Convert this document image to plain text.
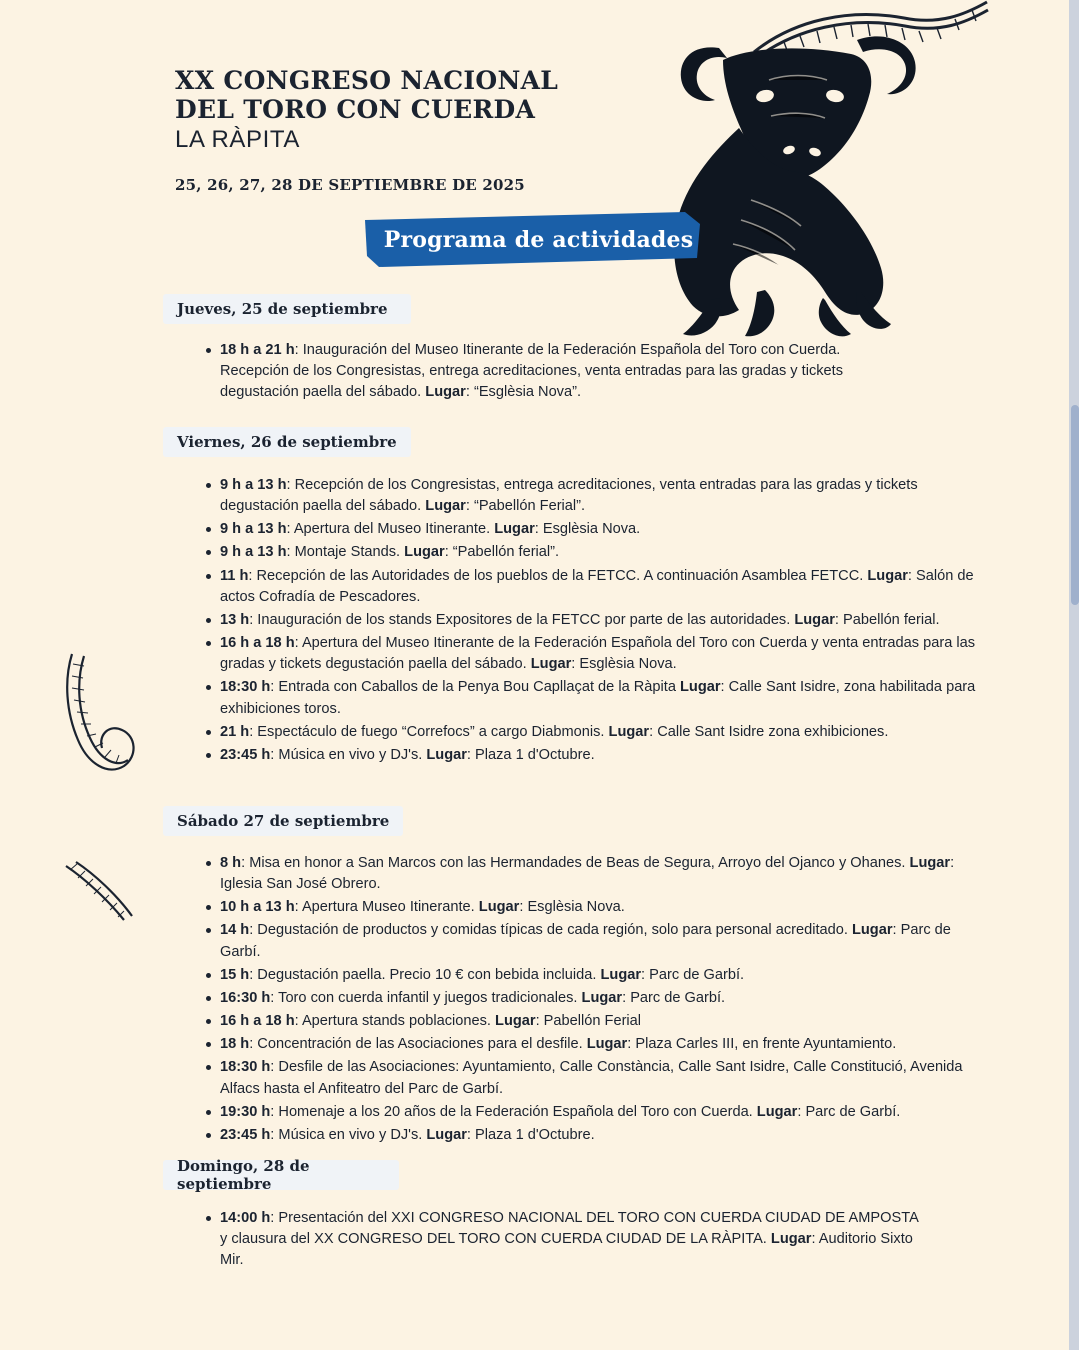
XX CONGRESO NACIONAL
DEL TORO CON CUERDA
LA RÀPITA
25, 26, 27, 28 DE SEPTIEMBRE DE 2025
Programa de actividades
Jueves, 25 de septiembre
18 h a 21 h: Inauguración del Museo Itinerante de la Federación Española del Toro con Cuerda. Recepción de los Congresistas, entrega acreditaciones, venta entradas para las gradas y tickets degustación paella del sábado. Lugar: “Esglèsia Nova”.
Viernes, 26 de septiembre
9 h a 13 h: Recepción de los Congresistas, entrega acreditaciones, venta entradas para las gradas y tickets degustación paella del sábado. Lugar: “Pabellón Ferial”.
9 h a 13 h: Apertura del Museo Itinerante. Lugar: Esglèsia Nova.
9 h a 13 h: Montaje Stands. Lugar: “Pabellón ferial”.
11 h: Recepción de las Autoridades de los pueblos de la FETCC. A continuación Asamblea FETCC. Lugar: Salón de actos Cofradía de Pescadores.
13 h: Inauguración de los stands Expositores de la FETCC por parte de las autoridades. Lugar: Pabellón ferial.
16 h a 18 h: Apertura del Museo Itinerante de la Federación Española del Toro con Cuerda y venta entradas para las gradas y tickets degustación paella del sábado. Lugar: Esglèsia Nova.
18:30 h: Entrada con Caballos de la Penya Bou Capllaçat de la Ràpita Lugar: Calle Sant Isidre, zona habilitada para exhibiciones toros.
21 h: Espectáculo de fuego “Correfocs” a cargo Diabmonis. Lugar: Calle Sant Isidre zona exhibiciones.
23:45 h: Música en vivo y DJ's. Lugar: Plaza 1 d'Octubre.
Sábado 27 de septiembre
8 h: Misa en honor a San Marcos con las Hermandades de Beas de Segura, Arroyo del Ojanco y Ohanes. Lugar: Iglesia San José Obrero.
10 h a 13 h: Apertura Museo Itinerante. Lugar: Esglèsia Nova.
14 h: Degustación de productos y comidas típicas de cada región, solo para personal acreditado. Lugar: Parc de Garbí.
15 h: Degustación paella. Precio 10 € con bebida incluida. Lugar: Parc de Garbí.
16:30 h: Toro con cuerda infantil y juegos tradicionales. Lugar: Parc de Garbí.
16 h a 18 h: Apertura stands poblaciones. Lugar: Pabellón Ferial
18 h: Concentración de las Asociaciones para el desfile. Lugar: Plaza Carles III, en frente Ayuntamiento.
18:30 h: Desfile de las Asociaciones: Ayuntamiento, Calle Constància, Calle Sant Isidre, Calle Constitució, Avenida Alfacs hasta el Anfiteatro del Parc de Garbí.
19:30 h: Homenaje a los 20 años de la Federación Española del Toro con Cuerda. Lugar: Parc de Garbí.
23:45 h: Música en vivo y DJ's. Lugar: Plaza 1 d'Octubre.
Domingo, 28 de septiembre
14:00 h: Presentación del XXI CONGRESO NACIONAL DEL TORO CON CUERDA CIUDAD DE AMPOSTA y clausura del XX CONGRESO DEL TORO CON CUERDA CIUDAD DE LA RÀPITA. Lugar: Auditorio Sixto Mir.
